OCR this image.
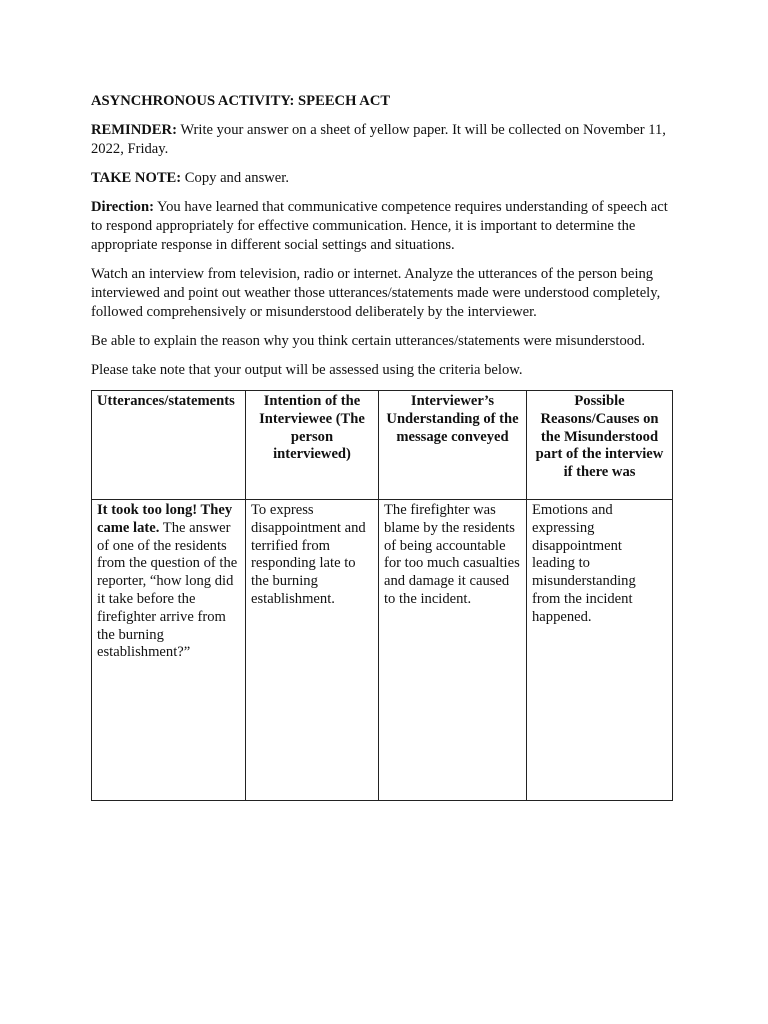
ASYNCHRONOUS ACTIVITY: SPEECH ACT

REMINDER: Write your answer on a sheet of yellow paper. It will be collected on November 11, 2022, Friday.

TAKE NOTE: Copy and answer.

Direction: You have learned that communicative competence requires understanding of speech act to respond appropriately for effective communication. Hence, it is important to determine the appropriate response in different social settings and situations.

Watch an interview from television, radio or internet. Analyze the utterances of the person being interviewed and point out weather those utterances/statements made were understood completely, followed comprehensively or misunderstood deliberately by the interviewer.

Be able to explain the reason why you think certain utterances/statements were misunderstood.

Please take note that your output will be assessed using the criteria below.

Utterances/statements	Intention of the Interviewee (The person interviewed)	Interviewer’s Understanding of the message conveyed	Possible Reasons/Causes on the Misunderstood part of the interview if there was
It took too long! They came late. The answer of one of the residents from the question of the reporter, “how long did it take before the firefighter arrive from the burning establishment?”	To express disappointment and terrified from responding late to the burning establishment.	The firefighter was blame by the residents of being accountable for too much casualties and damage it caused to the incident.	Emotions and expressing disappointment leading to misunderstanding from the incident happened.
